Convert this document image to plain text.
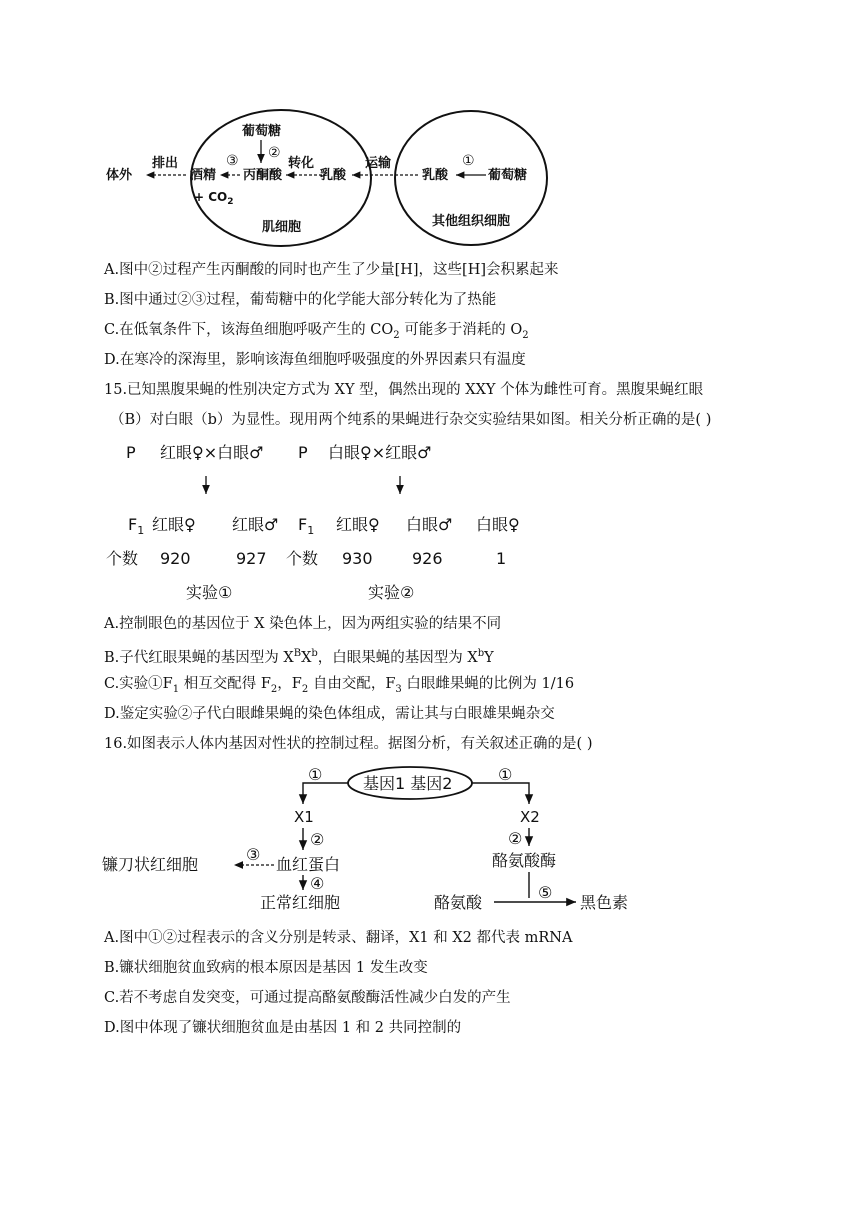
葡萄糖
②
转化
体外
排出
酒精
③
+ $CO_2$
丙酮酸	乳酸
运输
乳酸
①
葡萄糖
肌细胞	其他组织细胞
A.图中②过程产生丙酮酸的同时也产生了少量[H]，这些[H]会积累起来
B.图中通过②③过程，葡萄糖中的化学能大部分转化为了热能
C.在低氧条件下，该海鱼细胞呼吸产生的 $CO_2$ 可能多于消耗的 $O_2$
D.在寒冷的深海里，影响该海鱼细胞呼吸强度的外界因素只有温度
15.已知黑腹果蝇的性别决定方式为 XY 型，偶然出现的 XXY 个体为雌性可育。黑腹果蝇红眼
（B）对白眼（b）为显性。现用两个纯系的果蝇进行杂交实验结果如图。相关分析正确的是( )
P 红眼♀×白眼♂ P 白眼♀×红眼♂
$F_1$ 红眼♀ 红眼♂ $F_1$ 红眼♀ 白眼♂ 白眼♀
个数 920	927 个数 930 926	1
实验①	实验②
A.控制眼色的基因位于 X 染色体上，因为两组实验的结果不同
B.子代红眼果蝇的基因型为 $X^BX^b$，白眼果蝇的基因型为 $X^bY$
C.实验$①F_1$ 相互交配得 $F_2$，$F_2$ 自由交配，$F_3$ 白眼雌果蝇的比例为 1/16
D.鉴定实验②子代白眼雌果蝇的染色体组成，需让其与白眼雄果蝇杂交
16.如图表示人体内基因对性状的控制过程。据图分析，有关叙述正确的是( )
基因1 基因2
①
X1
②
血红蛋白
③
镰刀状红细胞
④
正常红细胞
①
X2
②
酪氨酸酶
酪氨酸
⑤
黑色素
A.图中①②过程表示的含义分别是转录、翻译，X1 和 X2 都代表 mRNA
B.镰状细胞贫血致病的根本原因是基因 1 发生改变
C.若不考虑自发突变，可通过提高酪氨酸酶活性减少白发的产生
D.图中体现了镰状细胞贫血是由基因 1 和 2 共同控制的
